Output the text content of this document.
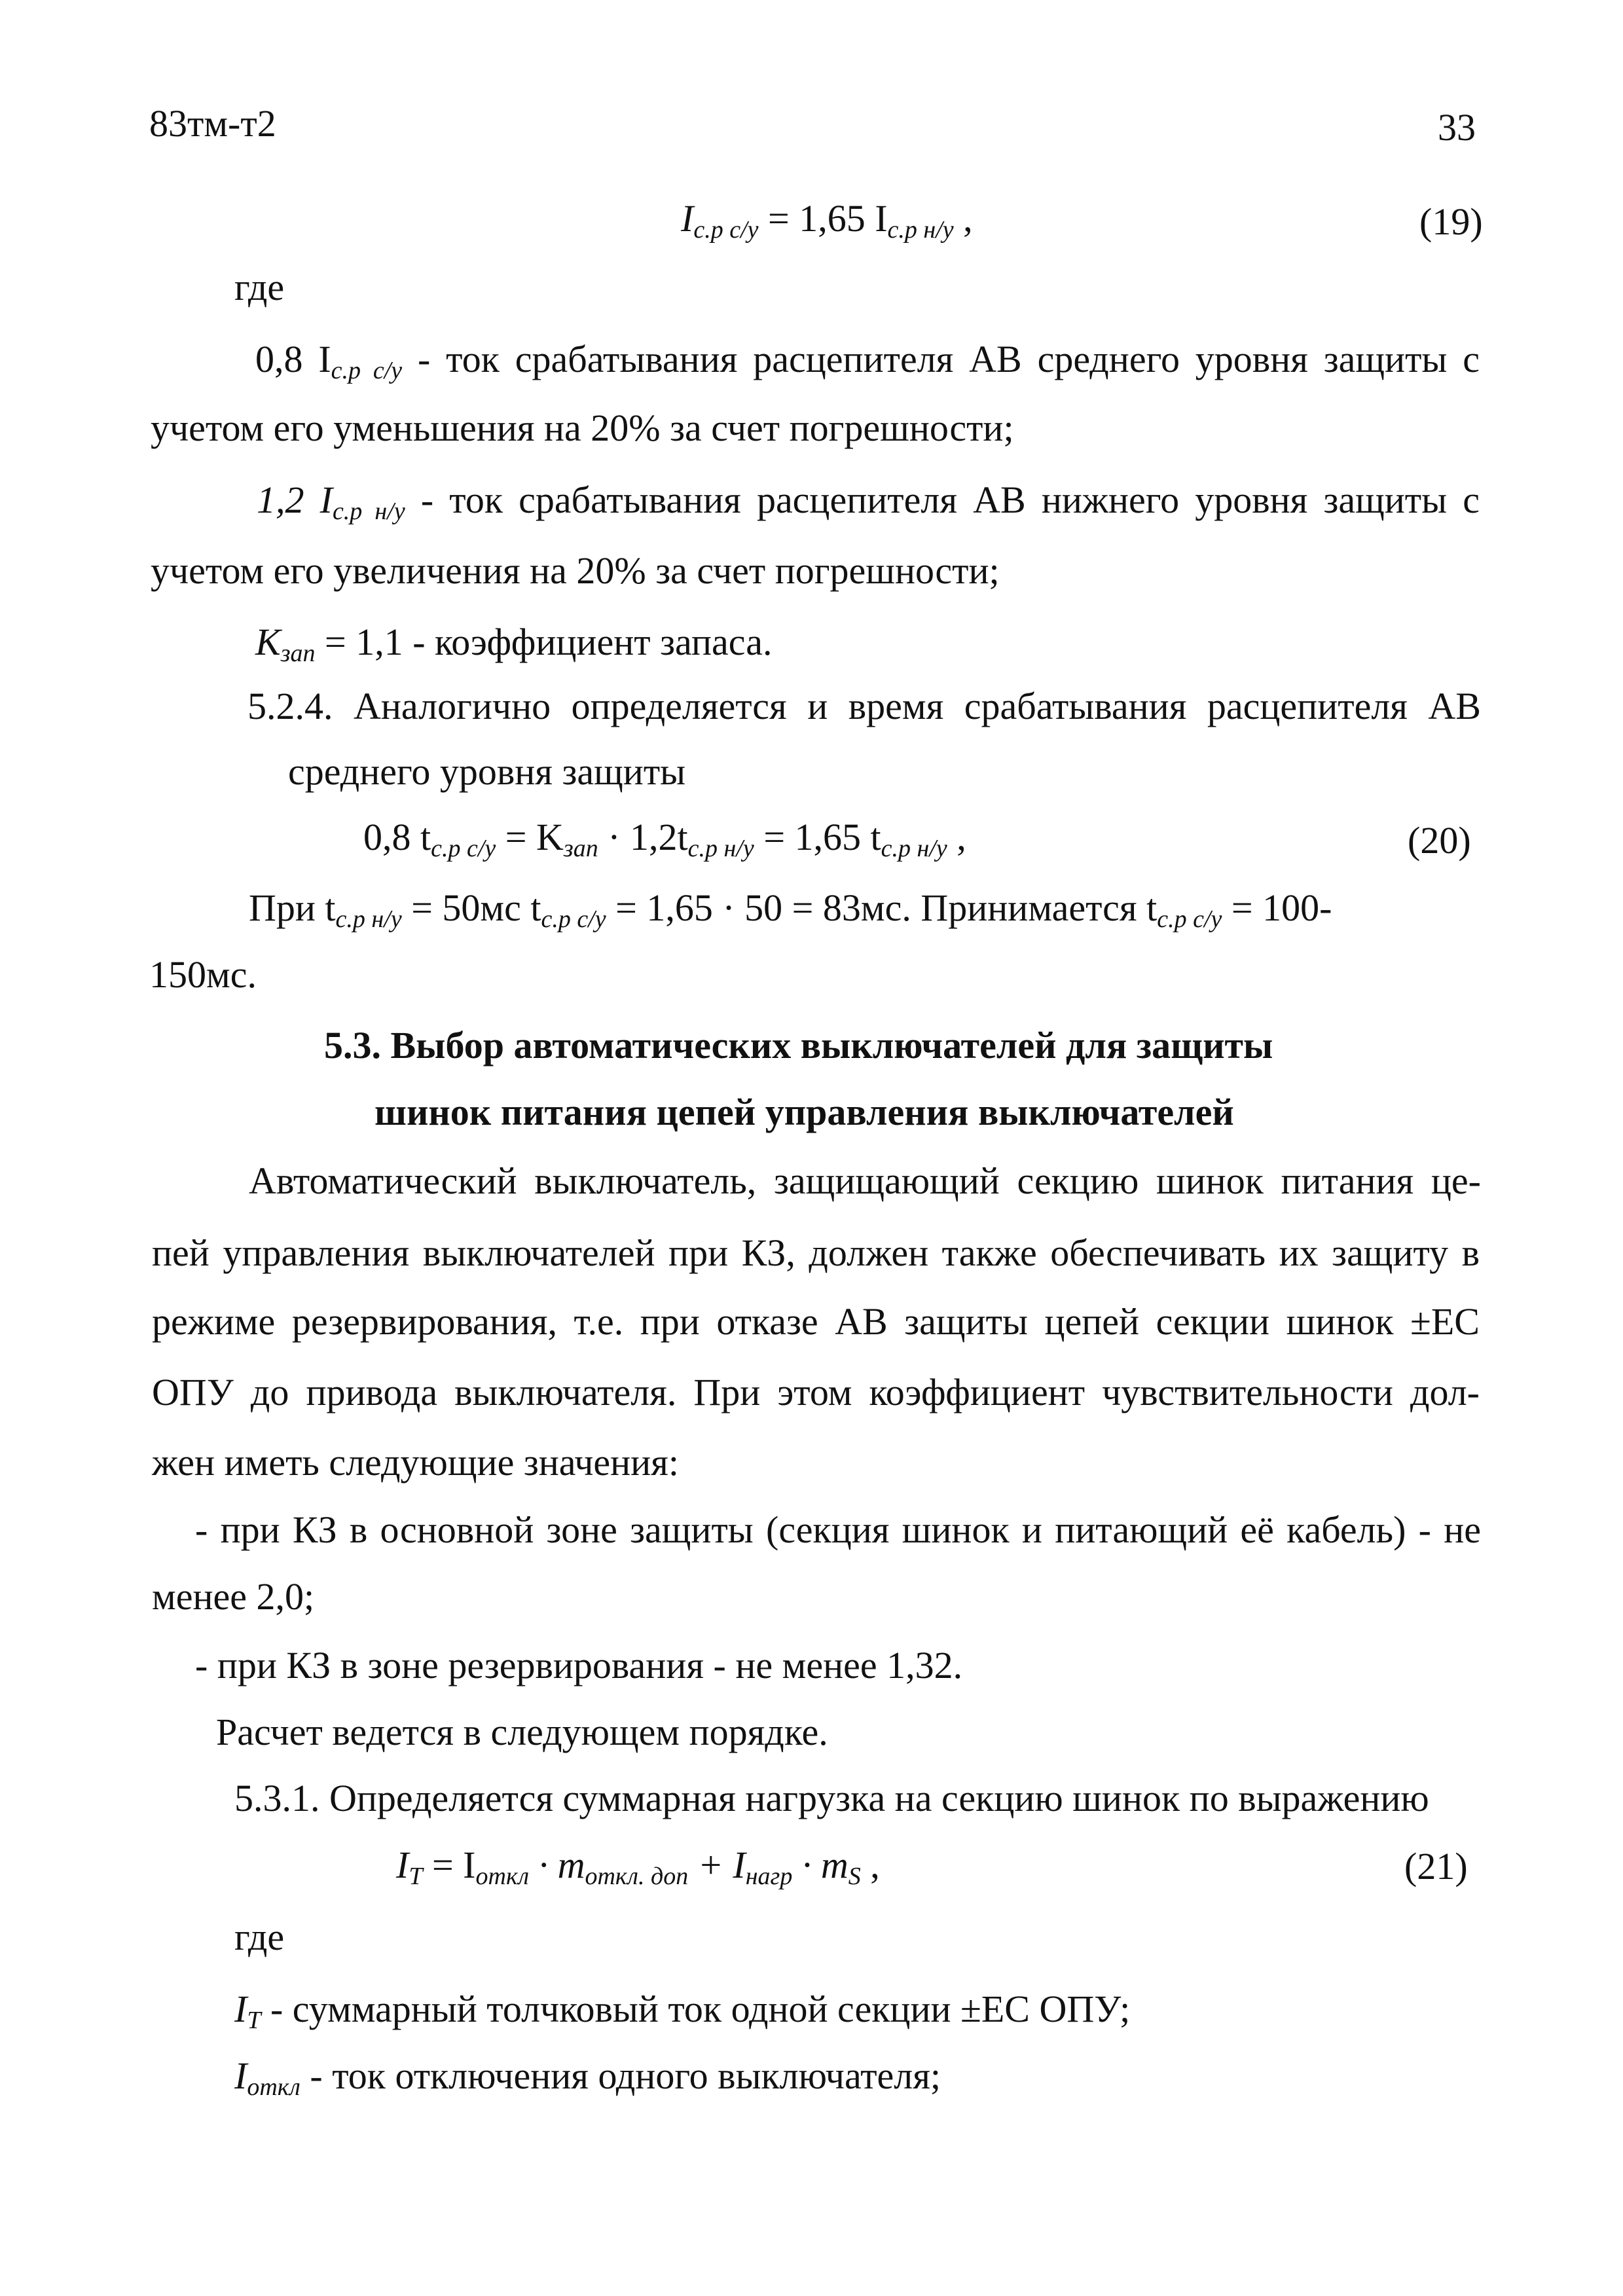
83тм-т2	33
$I_{с.р с/у} = 1,65$ $I_{с.р н/у}$ ,	(19)
где
0,8 $I_{с.р с/у}$ - ток срабатывания расцепителя АВ среднего уровня защиты с
учетом его уменьшения на 20% за счет погрешности;
1,2 $I_{с.р н/у}$ - ток срабатывания расцепителя АВ нижнего уровня защиты с
учетом его увеличения на 20% за счет погрешности;
$K_{зап} = 1,1$ - коэффициент запаса.
5.2.4. Аналогично определяется и время срабатывания расцепителя АВ
среднего уровня защиты
0,8 $t_{с.р с/у} = K_{зап} \cdot 1,2t_{с.р н/у} = 1,65$ $t_{с.р н/у}$ ,	(20)
При $t_{с.р н/у} = 50мс$ $t_{с.р с/у} = 1,65 \cdot 50 = 83мс$. Принимается $t_{с.р с/у} = 100-$
150мс.
5.3. Выбор автоматических выключателей для защиты
шинок питания цепей управления выключателей
Автоматический выключатель, защищающий секцию шинок питания це-
пей управления выключателей при КЗ, должен также обеспечивать их защиту в
режиме резервирования, т.е. при отказе АВ защиты цепей секции шинок ±ЕС
ОПУ до привода выключателя. При этом коэффициент чувствительности дол-
жен иметь следующие значения:
- при КЗ в основной зоне защиты (секция шинок и питающий её кабель) - не
менее 2,0;
- при КЗ в зоне резервирования - не менее 1,32.
Расчет ведется в следующем порядке.
5.3.1. Определяется суммарная нагрузка на секцию шинок по выражению
$I_T = I_{откл} \cdot m_{откл. доп} + I_{нагр} \cdot m_S$ ,	(21)
где
$I_T$ - суммарный толчковый ток одной секции ±ЕС ОПУ;
$I_{откл}$ - ток отключения одного выключателя;
